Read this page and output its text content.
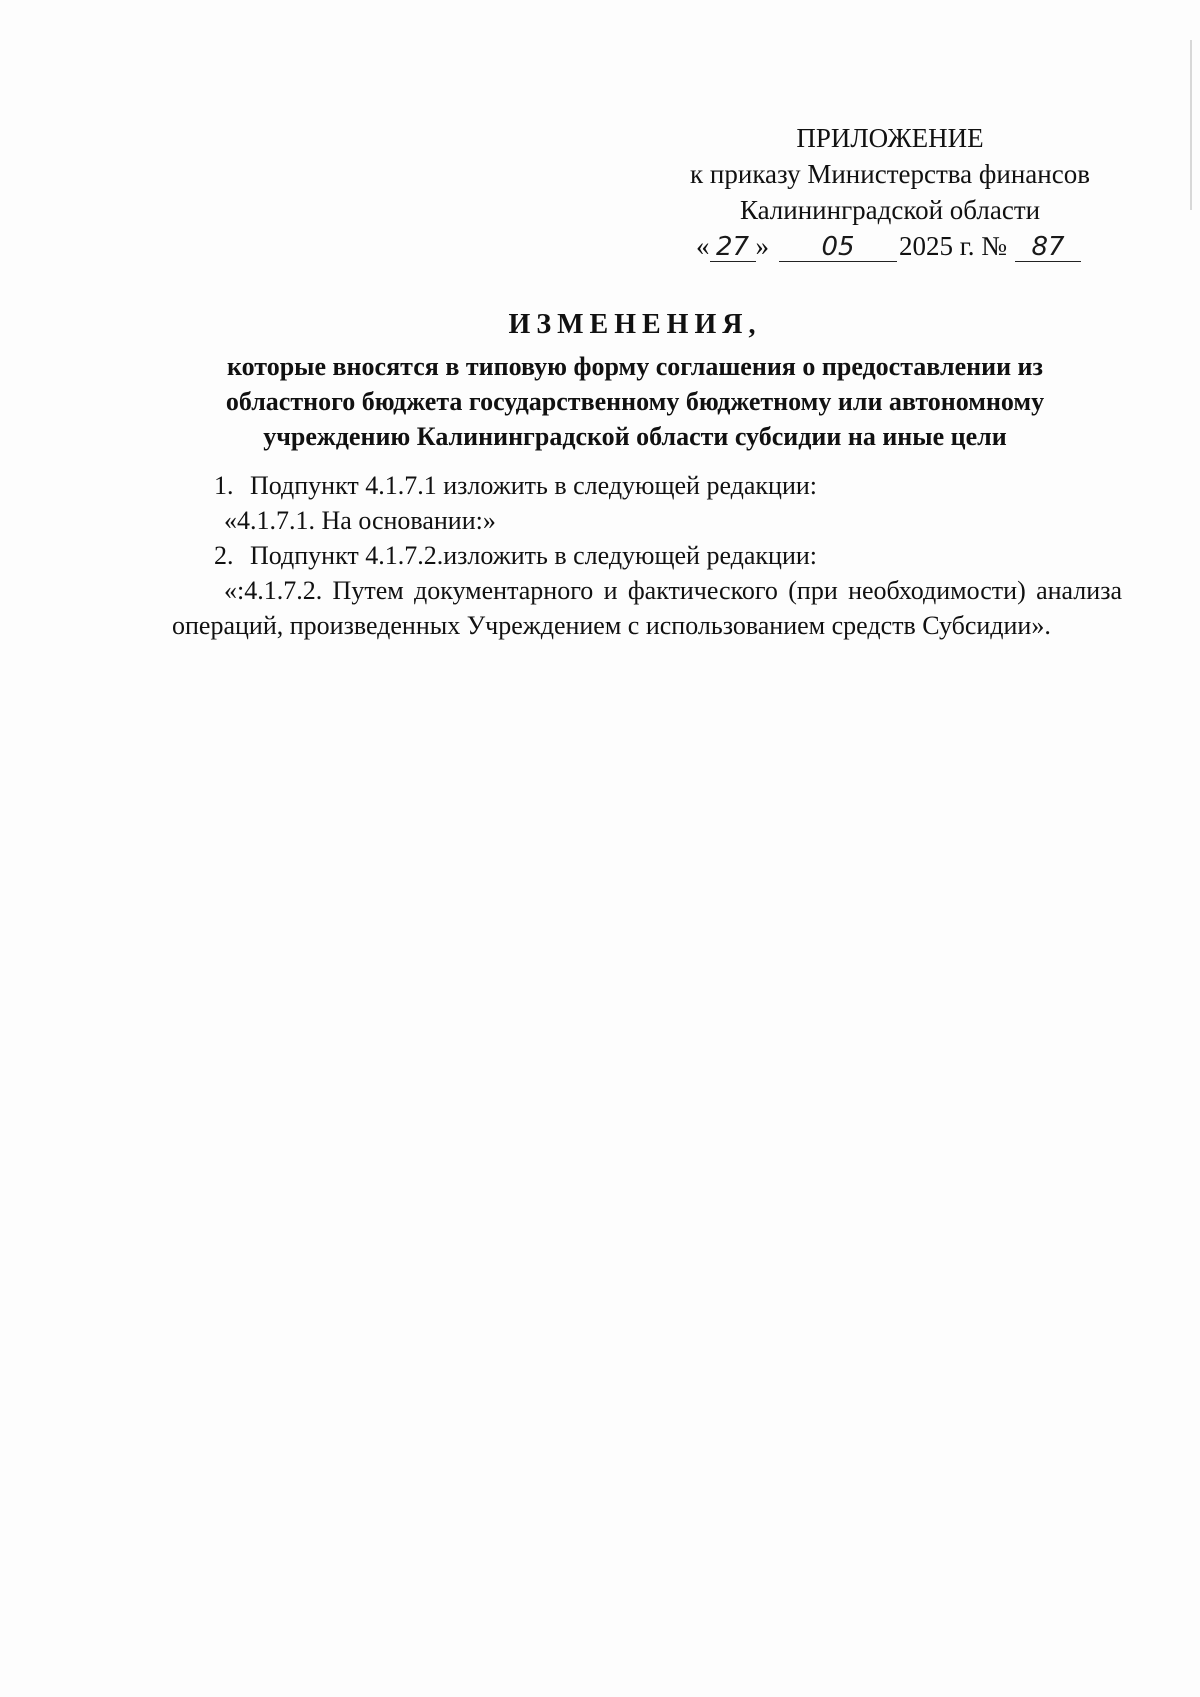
ПРИЛОЖЕНИЕ
к приказу Министерства финансов
Калининградской области
« 27 » 05 2025 г. № 87
ИЗМЕНЕНИЯ,
которые вносятся в типовую форму соглашения о предоставлении из областного бюджета государственному бюджетному или автономному учреждению Калининградской области субсидии на иные цели

1. Подпункт 4.1.7.1 изложить в следующей редакции:

«4.1.7.1. На основании:»

2. Подпункт 4.1.7.2.изложить в следующей редакции:

«:4.1.7.2. Путем документарного и фактического (при необходимости) анализа операций, произведенных Учреждением с использованием средств Субсидии».
